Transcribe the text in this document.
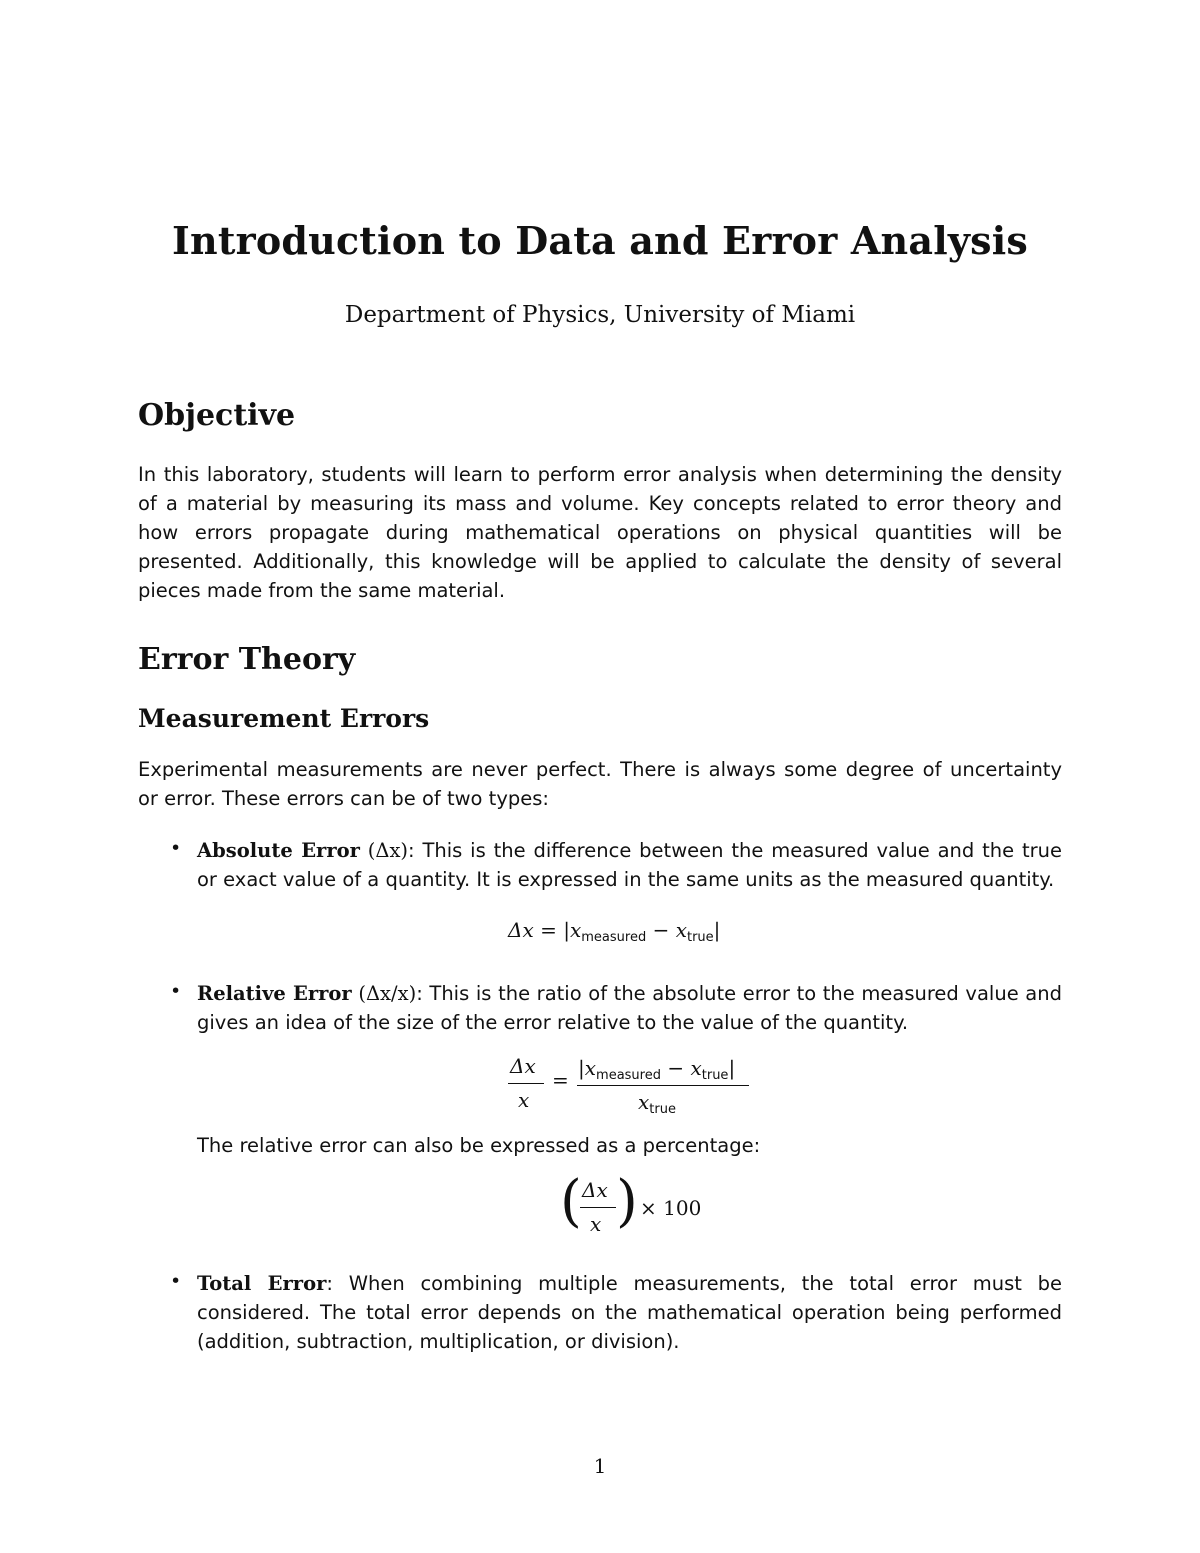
Introduction to Data and Error Analysis
Department of Physics, University of Miami
Objective
In this laboratory, students will learn to perform error analysis when determining the density of a material by measuring its mass and volume. Key concepts related to error theory and how errors propagate during mathematical operations on physical quantities will be presented. Additionally, this knowledge will be applied to calculate the density of several pieces made from the same material.
Error Theory
Measurement Errors
Experimental measurements are never perfect. There is always some degree of uncertainty or error. These errors can be of two types:
• Absolute Error (Δx): This is the difference between the measured value and the true or exact value of a quantity. It is expressed in the same units as the measured quantity.
$\Delta x = |x_{measured} - x_{true}|$
• Relative Error (Δx/x): This is the ratio of the absolute error to the measured value and gives an idea of the size of the error relative to the value of the quantity.
Δx
x
= $|x_{measured} - x_{true}|$
$x_{true}$
The relative error can also be expressed as a percentage:
( Δx
x ) × 100
• Total Error: When combining multiple measurements, the total error must be considered. The total error depends on the mathematical operation being performed (addition, subtraction, multiplication, or division).
1
